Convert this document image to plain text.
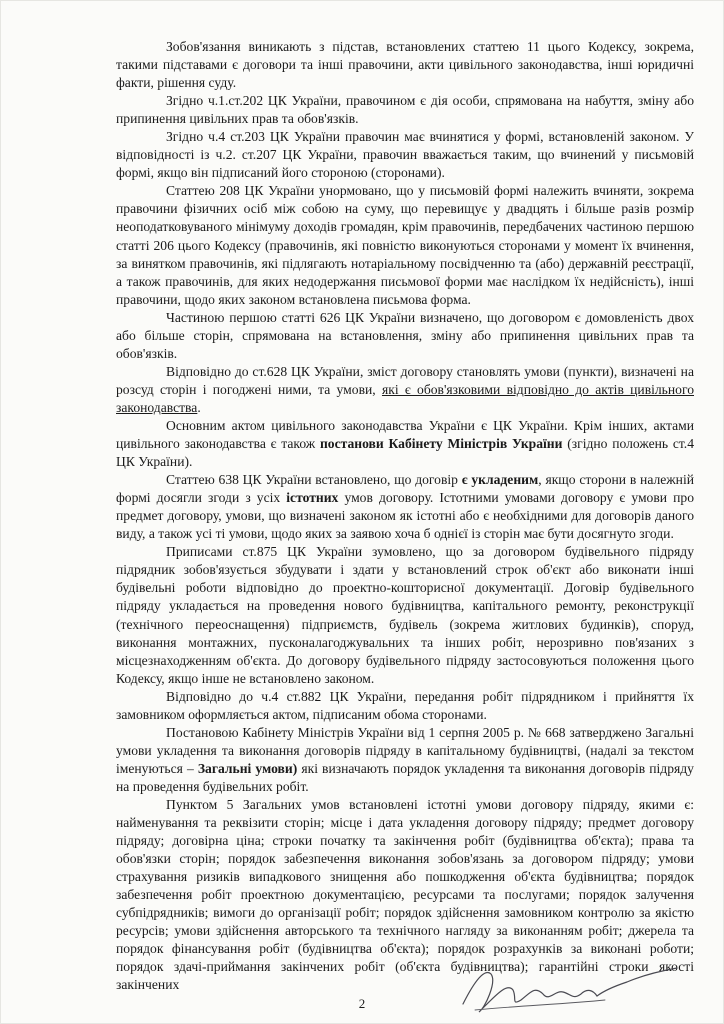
Зобов'язання виникають з підстав, встановлених статтею 11 цього Кодексу, зокрема, такими підставами є договори та інші правочини, акти цивільного законодавства, інші юридичні факти, рішення суду.

Згідно ч.1.ст.202 ЦК України, правочином є дія особи, спрямована на набуття, зміну або припинення цивільних прав та обов'язків.

Згідно ч.4 ст.203 ЦК України правочин має вчинятися у формі, встановленій законом. У відповідності із ч.2. ст.207 ЦК України, правочин вважається таким, що вчинений у письмовій формі, якщо він підписаний його стороною (сторонами).

Статтею 208 ЦК України унормовано, що у письмовій формі належить вчиняти, зокрема правочини фізичних осіб між собою на суму, що перевищує у двадцять і більше разів розмір неоподатковуваного мінімуму доходів громадян, крім правочинів, передбачених частиною першою статті 206 цього Кодексу (правочинів, які повністю виконуються сторонами у момент їх вчинення, за винятком правочинів, які підлягають нотаріальному посвідченню та (або) державній реєстрації, а також правочинів, для яких недодержання письмової форми має наслідком їх недійсність), інші правочини, щодо яких законом встановлена письмова форма.

Частиною першою статті 626 ЦК України визначено, що договором є домовленість двох або більше сторін, спрямована на встановлення, зміну або припинення цивільних прав та обов'язків.

Відповідно до ст.628 ЦК України, зміст договору становлять умови (пункти), визначені на розсуд сторін і погоджені ними, та умови, які є обов'язковими відповідно до актів цивільного законодавства.

Основним актом цивільного законодавства України є ЦК України. Крім інших, актами цивільного законодавства є також постанови Кабінету Міністрів України (згідно положень ст.4 ЦК України).

Статтею 638 ЦК України встановлено, що договір є укладеним, якщо сторони в належній формі досягли згоди з усіх істотних умов договору. Істотними умовами договору є умови про предмет договору, умови, що визначені законом як істотні або є необхідними для договорів даного виду, а також усі ті умови, щодо яких за заявою хоча б однієї із сторін має бути досягнуто згоди.

Приписами ст.875 ЦК України зумовлено, що за договором будівельного підряду підрядник зобов'язується збудувати і здати у встановлений строк об'єкт або виконати інші будівельні роботи відповідно до проектно-кошторисної документації. Договір будівельного підряду укладається на проведення нового будівництва, капітального ремонту, реконструкції (технічного переоснащення) підприємств, будівель (зокрема житлових будинків), споруд, виконання монтажних, пусконалагоджувальних та інших робіт, нерозривно пов'язаних з місцезнаходженням об'єкта. До договору будівельного підряду застосовуються положення цього Кодексу, якщо інше не встановлено законом.

Відповідно до ч.4 ст.882 ЦК України, передання робіт підрядником і прийняття їх замовником оформляється актом, підписаним обома сторонами.

Постановою Кабінету Міністрів України від 1 серпня 2005 р. № 668 затверджено Загальні умови укладення та виконання договорів підряду в капітальному будівництві, (надалі за текстом іменуються – Загальні умови) які визначають порядок укладення та виконання договорів підряду на проведення будівельних робіт.

Пунктом 5 Загальних умов встановлені істотні умови договору підряду, якими є: найменування та реквізити сторін; місце і дата укладення договору підряду; предмет договору підряду; договірна ціна; строки початку та закінчення робіт (будівництва об'єкта); права та обов'язки сторін; порядок забезпечення виконання зобов'язань за договором підряду; умови страхування ризиків випадкового знищення або пошкодження об'єкта будівництва; порядок забезпечення робіт проектною документацією, ресурсами та послугами; порядок залучення субпідрядників; вимоги до організації робіт; порядок здійснення замовником контролю за якістю ресурсів; умови здійснення авторського та технічного нагляду за виконанням робіт; джерела та порядок фінансування робіт (будівництва об'єкта); порядок розрахунків за виконані роботи; порядок здачі-приймання закінчених робіт (об'єкта будівництва); гарантійні строки якості закінчених

2
